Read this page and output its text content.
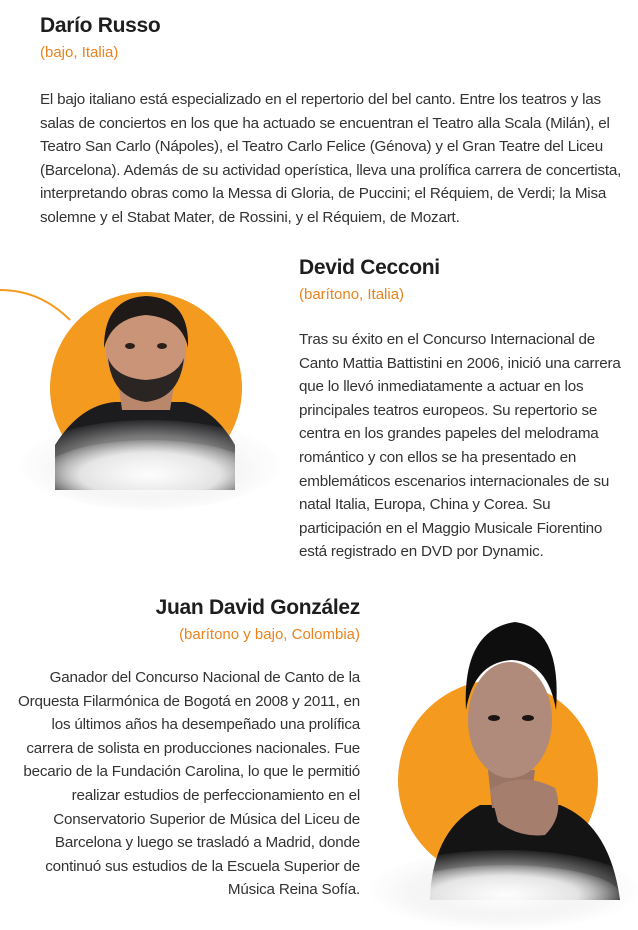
Darío Russo

(bajo, Italia)

El bajo italiano está especializado en el repertorio del bel canto. Entre los teatros y las salas de conciertos en los que ha actuado se encuentran el Teatro alla Scala (Milán), el Teatro San Carlo (Nápoles), el Teatro Carlo Felice (Génova) y el Gran Teatre del Liceu (Barcelona). Además de su actividad operística, lleva una prolífica carrera de concertista, interpretando obras como la Messa di Gloria, de Puccini; el Réquiem, de Verdi; la Misa solemne y el Stabat Mater, de Rossini, y el Réquiem, de Mozart.

Devid Cecconi

(barítono, Italia)

Tras su éxito en el Concurso Internacional de Canto Mattia Battistini en 2006, inició una carrera que lo llevó inmediatamente a actuar en los principales teatros europeos. Su repertorio se centra en los grandes papeles del melodrama romántico y con ellos se ha presentado en emblemáticos escenarios internacionales de su natal Italia, Europa, China y Corea. Su participación en el Maggio Musicale Fiorentino está registrado en DVD por Dynamic.

Juan David González

(barítono y bajo, Colombia)

Ganador del Concurso Nacional de Canto de la Orquesta Filarmónica de Bogotá en 2008 y 2011, en los últimos años ha desempeñado una prolífica carrera de solista en producciones nacionales. Fue becario de la Fundación Carolina, lo que le permitió realizar estudios de perfeccionamiento en el Conservatorio Superior de Música del Liceu de Barcelona y luego se trasladó a Madrid, donde continuó sus estudios de la Escuela Superior de Música Reina Sofía.
